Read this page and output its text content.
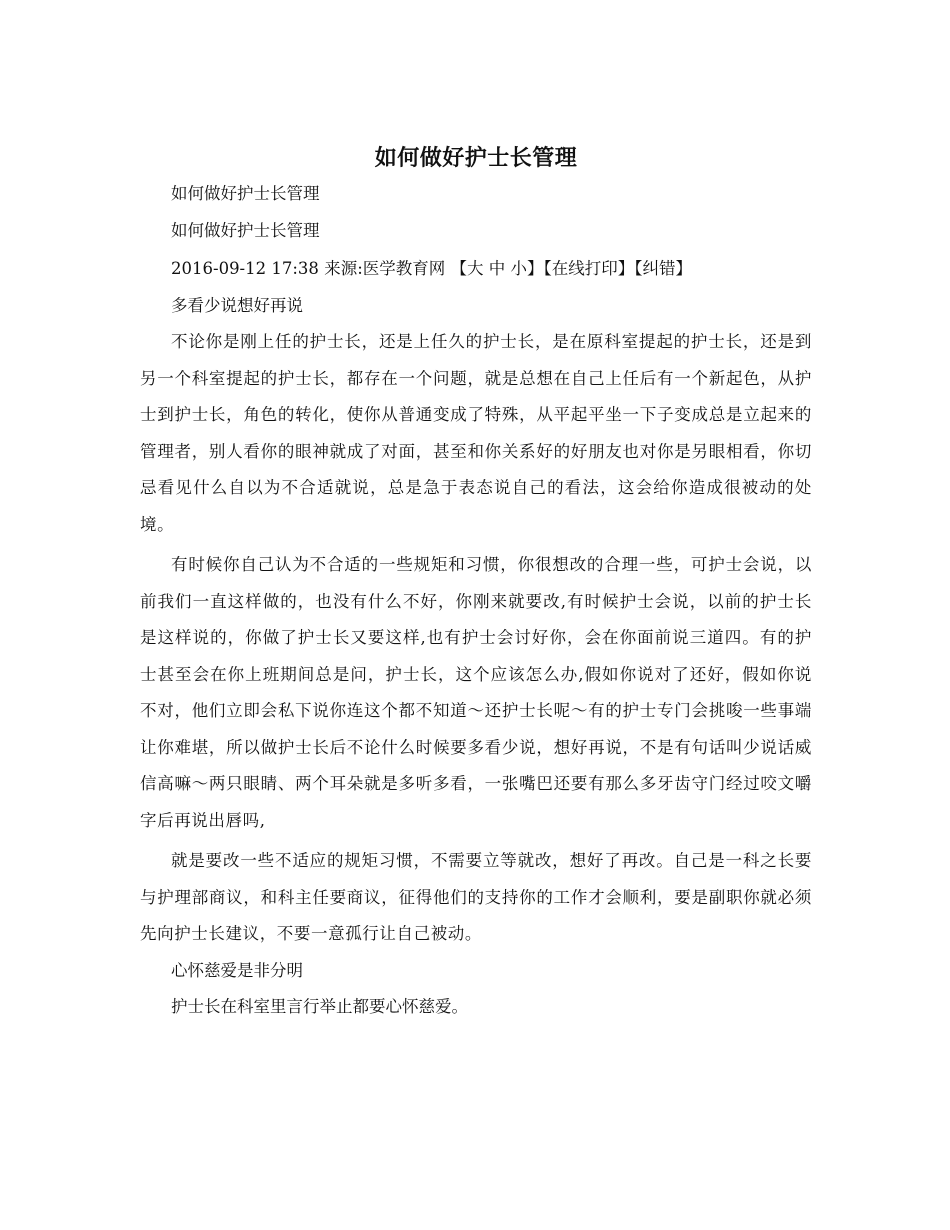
如何做好护士长管理

如何做好护士长管理

如何做好护士长管理

2016-09-12 17:38 来源:医学教育网 【大 中 小】【在线打印】【纠错】

多看少说想好再说

不论你是刚上任的护士长，还是上任久的护士长，是在原科室提起的护士长，还是到另一个科室提起的护士长，都存在一个问题，就是总想在自己上任后有一个新起色，从护士到护士长，角色的转化，使你从普通变成了特殊，从平起平坐一下子变成总是立起来的管理者，别人看你的眼神就成了对面，甚至和你关系好的好朋友也对你是另眼相看，你切忌看见什么自以为不合适就说，总是急于表态说自己的看法，这会给你造成很被动的处境。

有时候你自己认为不合适的一些规矩和习惯，你很想改的合理一些，可护士会说，以前我们一直这样做的，也没有什么不好，你刚来就要改,有时候护士会说，以前的护士长是这样说的，你做了护士长又要这样,也有护士会讨好你，会在你面前说三道四。有的护士甚至会在你上班期间总是问，护士长，这个应该怎么办,假如你说对了还好，假如你说不对，他们立即会私下说你连这个都不知道～还护士长呢～有的护士专门会挑唆一些事端让你难堪，所以做护士长后不论什么时候要多看少说，想好再说，不是有句话叫少说话威信高嘛～两只眼睛、两个耳朵就是多听多看，一张嘴巴还要有那么多牙齿守门经过咬文嚼字后再说出唇吗,

就是要改一些不适应的规矩习惯，不需要立等就改，想好了再改。自己是一科之长要与护理部商议，和科主任要商议，征得他们的支持你的工作才会顺利，要是副职你就必须先向护士长建议，不要一意孤行让自己被动。

心怀慈爱是非分明

护士长在科室里言行举止都要心怀慈爱。
